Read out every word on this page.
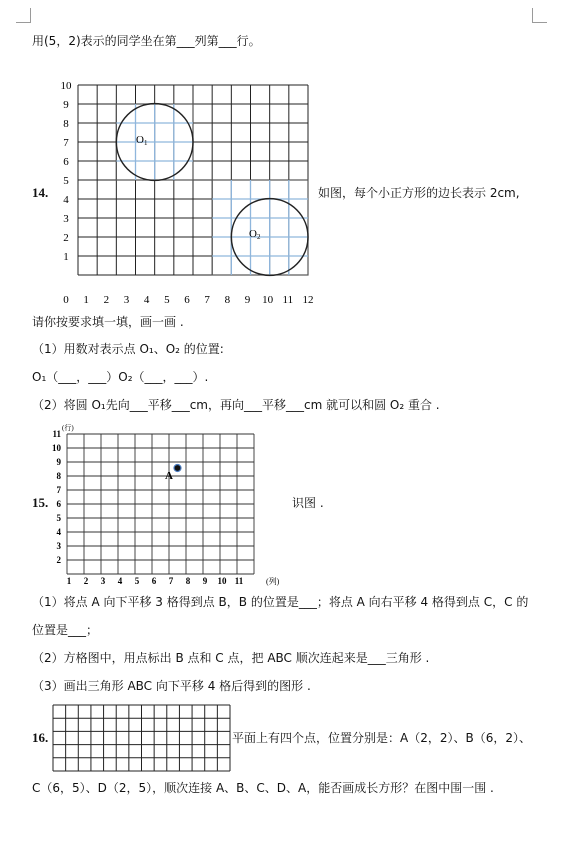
用(5，2)表示的同学坐在第___列第___行。
14.	如图，每个小正方形的边长表示 2cm,
10
9
8
7
6
5
4
3
2
1
0 1 2 3 4 5 6 7 8 9 10 11 12
O1
O2
请你按要求填一填，画一画 .
（1）用数对表示点 O₁、O₂ 的位置:
O₁（___，___）O₂（___，___）.
（2）将圆 O₁先向___平移___cm，再向___平移___cm 就可以和圆 O₂ 重合 .
15.	识图 .
(行)
(列)
11
10
9
8
7
6
5
4
3
2
1 2 3 4 5 6 7 8 9 10 11
A
（1）将点 A 向下平移 3 格得到点 B，B 的位置是___；将点 A 向右平移 4 格得到点 C，C 的
位置是___；
（2）方格图中，用点标出 B 点和 C 点，把 ABC 顺次连起来是___三角形 .
（3）画出三角形 ABC 向下平移 4 格后得到的图形 .
16.	平面上有四个点，位置分别是：A（2，2）、B（6，2）、
C（6，5）、D（2，5），顺次连接 A、B、C、D、A，能否画成长方形？在图中围一围 .
